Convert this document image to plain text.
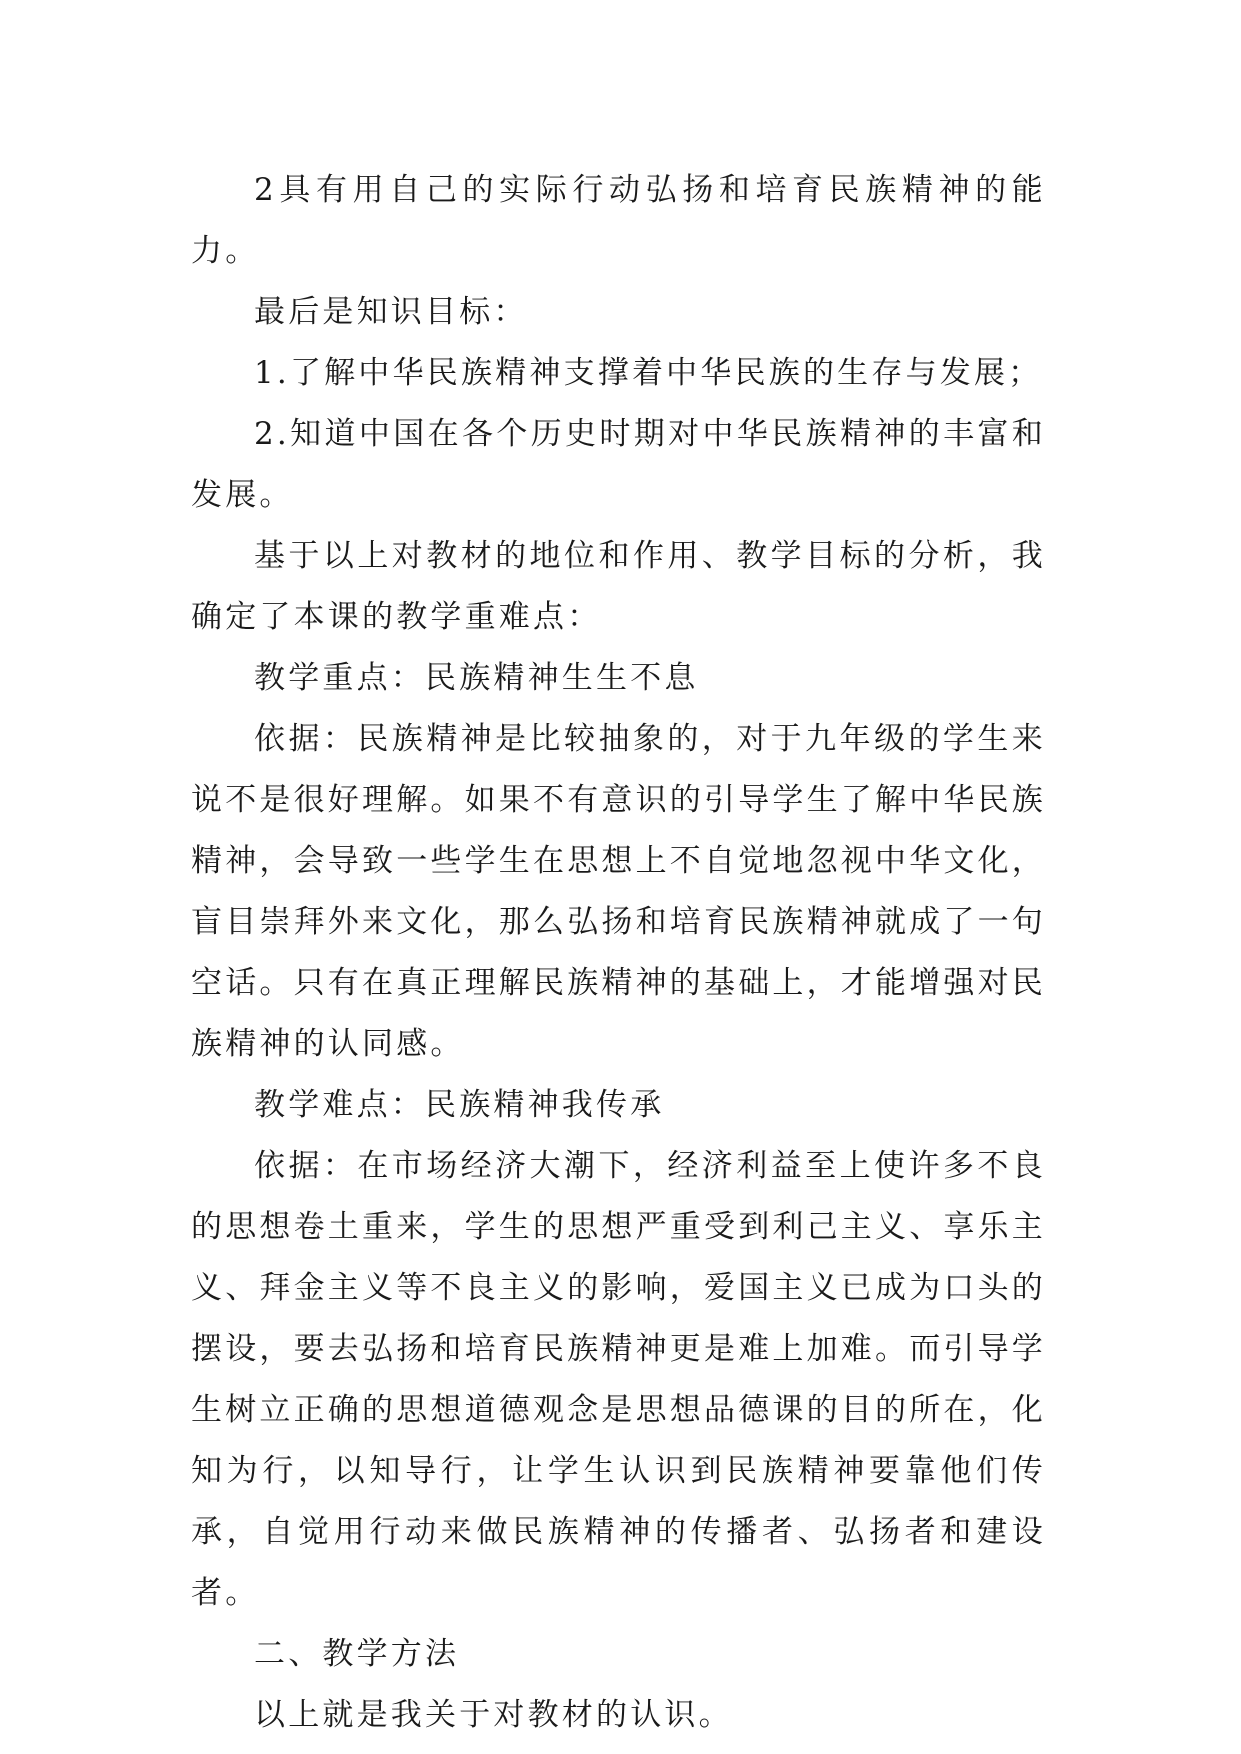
2具有用自己的实际行动弘扬和培育民族精神的能力。

最后是知识目标：

1.了解中华民族精神支撑着中华民族的生存与发展；

2.知道中国在各个历史时期对中华民族精神的丰富和发展。

基于以上对教材的地位和作用、教学目标的分析，我确定了本课的教学重难点：

教学重点：民族精神生生不息

依据：民族精神是比较抽象的，对于九年级的学生来说不是很好理解。如果不有意识的引导学生了解中华民族精神，会导致一些学生在思想上不自觉地忽视中华文化，盲目崇拜外来文化，那么弘扬和培育民族精神就成了一句空话。只有在真正理解民族精神的基础上，才能增强对民族精神的认同感。

教学难点：民族精神我传承

依据：在市场经济大潮下，经济利益至上使许多不良的思想卷土重来，学生的思想严重受到利己主义、享乐主义、拜金主义等不良主义的影响，爱国主义已成为口头的摆设，要去弘扬和培育民族精神更是难上加难。而引导学生树立正确的思想道德观念是思想品德课的目的所在，化知为行，以知导行，让学生认识到民族精神要靠他们传承，自觉用行动来做民族精神的传播者、弘扬者和建设者。

二、教学方法

以上就是我关于对教材的认识。
